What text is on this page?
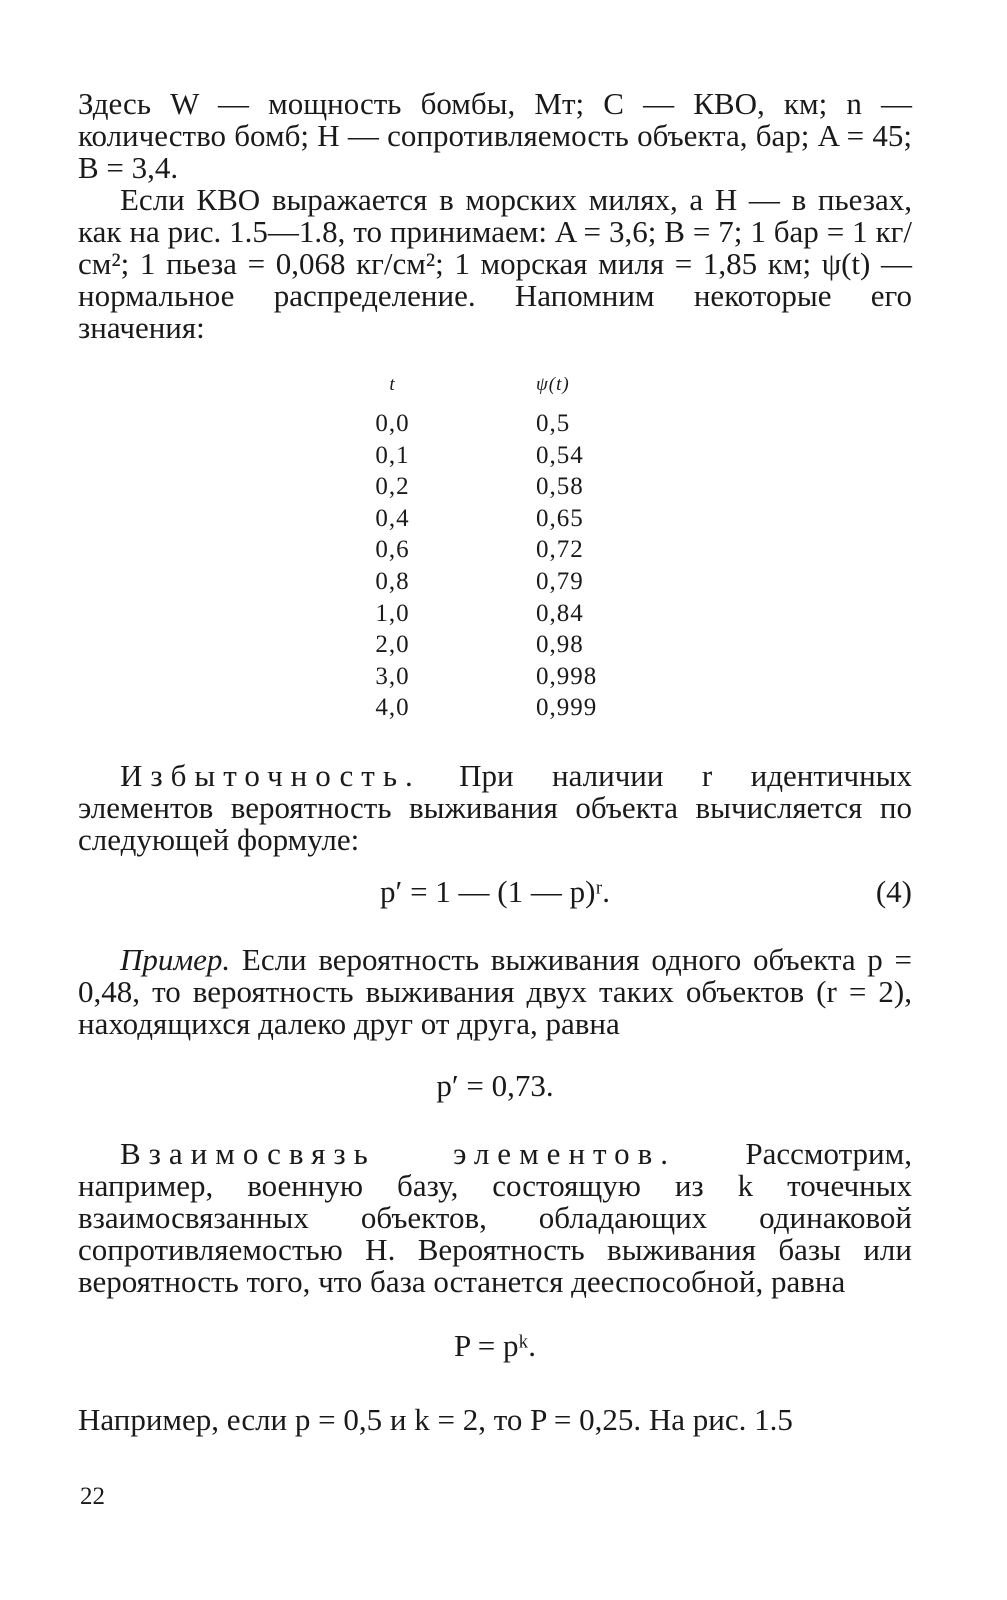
Здесь W — мощность бомбы, Мт; C — КВО, км; n — количество бомб; H — сопротивляемость объекта, бар; A = 45; B = 3,4.

Если КВО выражается в морских милях, а H — в пьезах, как на рис. 1.5—1.8, то принимаем: A = 3,6; B = 7; 1 бар = 1 кг/см²; 1 пьеза = 0,068 кг/см²; 1 морская миля = 1,85 км; ψ(t) — нормальное распределение. Напомним некоторые его значения:

t	ψ(t)
0,0	0,5
0,1	0,54
0,2	0,58
0,4	0,65
0,6	0,72
0,8	0,79
1,0	0,84
2,0	0,98
3,0	0,998
4,0	0,999

Избыточность. При наличии r идентичных элементов вероятность выживания объекта вычисляется по следующей формуле:

p′ = 1 — (1 — p)ʳ.	(4)

Пример. Если вероятность выживания одного объекта p = 0,48, то вероятность выживания двух таких объектов (r = 2), находящихся далеко друг от друга, равна

p′ = 0,73.

Взаимосвязь элементов. Рассмотрим, например, военную базу, состоящую из k точечных взаимосвязанных объектов, обладающих одинаковой сопротивляемостью H. Вероятность выживания базы или вероятность того, что база останется дееспособной, равна

P = pᵏ.

Например, если p = 0,5 и k = 2, то P = 0,25. На рис. 1.5

22
